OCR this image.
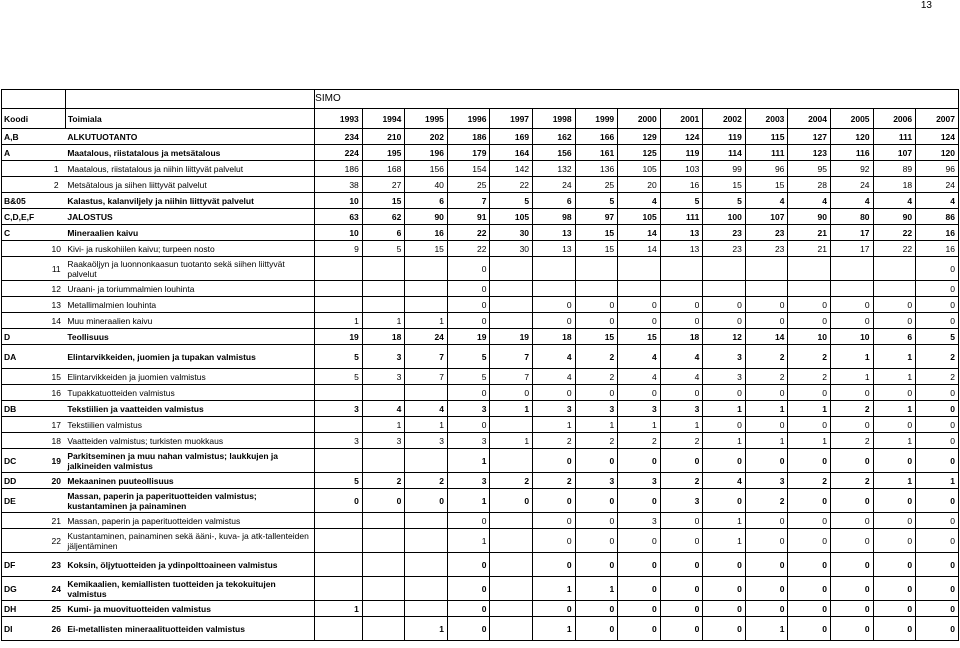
13
			SIMO														
Koodi		Toimiala	1993	1994	1995	1996	1997	1998	1999	2000	2001	2002	2003	2004	2005	2006	2007
A,B		ALKUTUOTANTO	234	210	202	186	169	162	166	129	124	119	115	127	120	111	124
A		Maatalous, riistatalous ja metsätalous	224	195	196	179	164	156	161	125	119	114	111	123	116	107	120
	1	Maatalous, riistatalous ja niihin liittyvät palvelut	186	168	156	154	142	132	136	105	103	99	96	95	92	89	96
	2	Metsätalous ja siihen liittyvät palvelut	38	27	40	25	22	24	25	20	16	15	15	28	24	18	24
B&05		Kalastus, kalanviljely ja niihin liittyvät palvelut	10	15	6	7	5	6	5	4	5	5	4	4	4	4	4
C,D,E,F		JALOSTUS	63	62	90	91	105	98	97	105	111	100	107	90	80	90	86
C		Mineraalien kaivu	10	6	16	22	30	13	15	14	13	23	23	21	17	22	16
	10	Kivi- ja ruskohiilen kaivu; turpeen nosto	9	5	15	22	30	13	15	14	13	23	23	21	17	22	16
	11	Raakaöljyn ja luonnonkaasun tuotanto sekä siihen liittyvät palvelut				0											0
	12	Uraani- ja toriummalmien louhinta				0											0
	13	Metallimalmien louhinta				0		0	0	0	0	0	0	0	0	0	0
	14	Muu mineraalien kaivu	1	1	1	0		0	0	0	0	0	0	0	0	0	0
D		Teollisuus	19	18	24	19	19	18	15	15	18	12	14	10	10	6	5
DA		Elintarvikkeiden, juomien ja tupakan valmistus	5	3	7	5	7	4	2	4	4	3	2	2	1	1	2
	15	Elintarvikkeiden ja juomien valmistus	5	3	7	5	7	4	2	4	4	3	2	2	1	1	2
	16	Tupakkatuotteiden valmistus				0	0	0	0	0	0	0	0	0	0	0	0
DB		Tekstiilien ja vaatteiden valmistus	3	4	4	3	1	3	3	3	3	1	1	1	2	1	0
	17	Tekstiilien valmistus		1	1	0		1	1	1	1	0	0	0	0	0	0
	18	Vaatteiden valmistus; turkisten muokkaus	3	3	3	3	1	2	2	2	2	1	1	1	2	1	0
DC	19	Parkitseminen ja muu nahan valmistus; laukkujen ja jalkineiden valmistus				1		0	0	0	0	0	0	0	0	0	0
DD	20	Mekaaninen puuteollisuus	5	2	2	3	2	2	3	3	2	4	3	2	2	1	1
DE		Massan, paperin ja paperituotteiden valmistus; kustantaminen ja painaminen	0	0	0	1	0	0	0	0	3	0	2	0	0	0	0
	21	Massan, paperin ja paperituotteiden valmistus				0		0	0	3	0	1	0	0	0	0	0
	22	Kustantaminen, painaminen sekä ääni-, kuva- ja atk-tallenteiden jäljentäminen				1		0	0	0	0	1	0	0	0	0	0
DF	23	Koksin, öljytuotteiden ja ydinpolttoaineen valmistus				0		0	0	0	0	0	0	0	0	0	0
DG	24	Kemikaalien, kemiallisten tuotteiden ja tekokuitujen valmistus				0		1	1	0	0	0	0	0	0	0	0
DH	25	Kumi- ja muovituotteiden valmistus	1			0		0	0	0	0	0	0	0	0	0	0
DI	26	Ei-metallisten mineraalituotteiden valmistus			1	0		1	0	0	0	0	1	0	0	0	0
